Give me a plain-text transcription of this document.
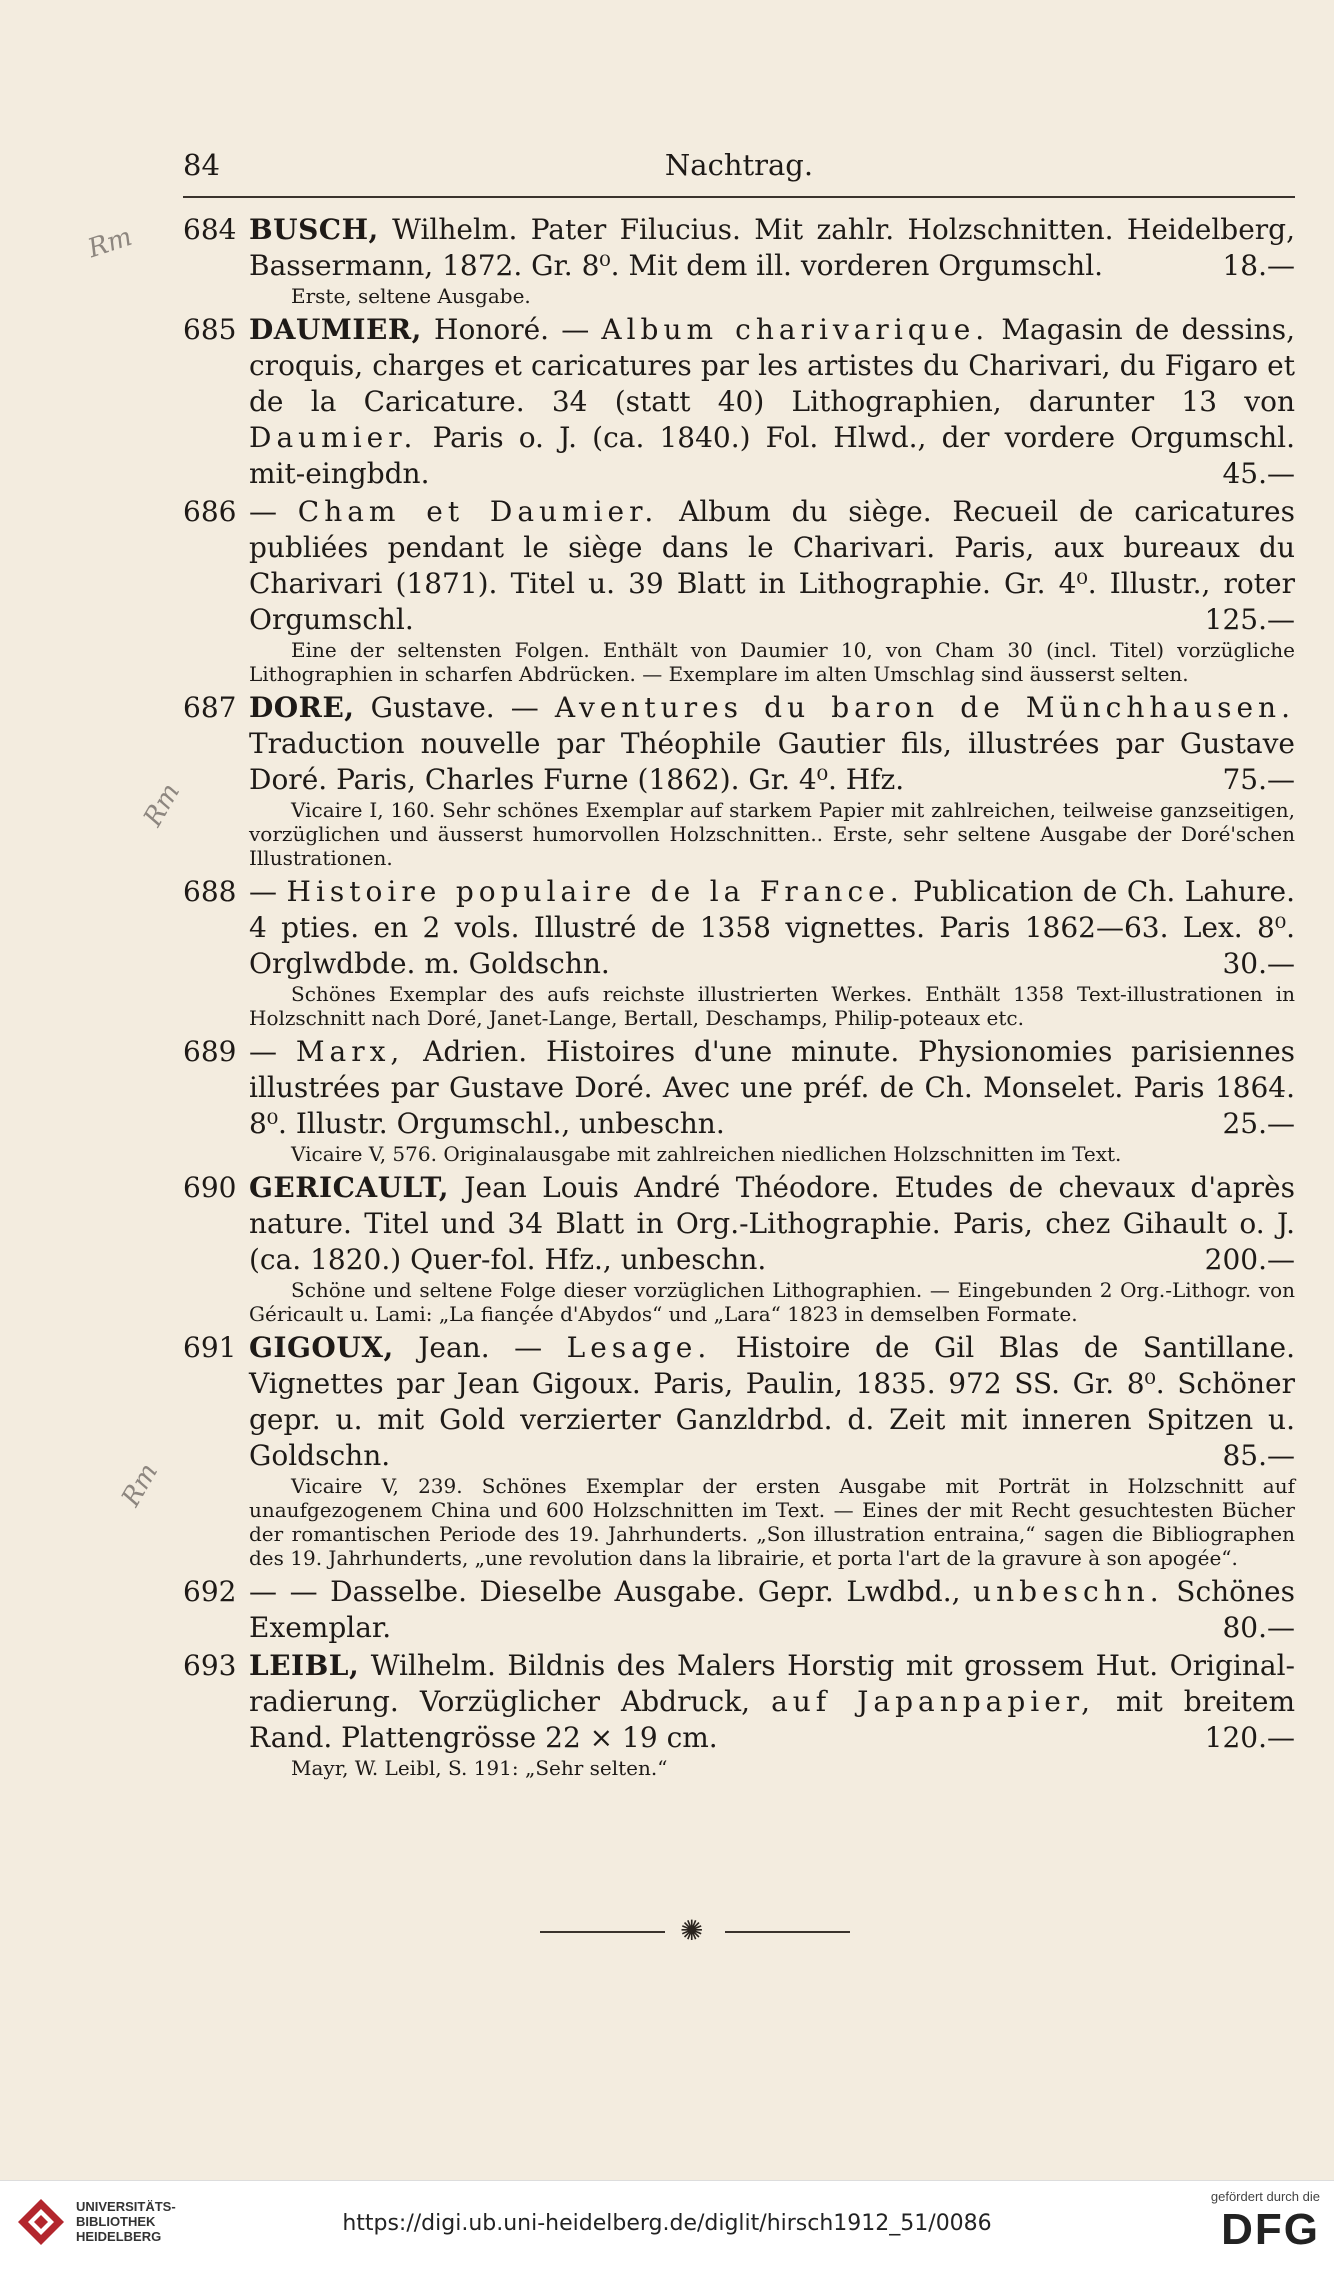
84	Nachtrag.
Rm
Rm
Rm
684 BUSCH, Wilhelm. Pater Filucius. Mit zahlr. Holzschnitten. Heidelberg, Bassermann, 1872. Gr. 8⁰. Mit dem ill. vorderen Orgumschl.	18.—
Erste, seltene Ausgabe.
685 DAUMIER, Honoré. — Album charivarique. Magasin de dessins, croquis, charges et caricatures par les artistes du Charivari, du Figaro et de la Caricature. 34 (statt 40) Lithographien, darunter 13 von Daumier. Paris o. J. (ca. 1840.) Fol. Hlwd., der vordere Orgumschl. mit-eingbdn.	45.—
686 — Cham et Daumier. Album du siège. Recueil de caricatures publiées pendant le siège dans le Charivari. Paris, aux bureaux du Charivari (1871). Titel u. 39 Blatt in Lithographie. Gr. 4⁰. Illustr., roter Orgumschl.	125.—
Eine der seltensten Folgen. Enthält von Daumier 10, von Cham 30 (incl. Titel) vorzügliche Lithographien in scharfen Abdrücken. — Exemplare im alten Umschlag sind äusserst selten.
687 DORE, Gustave. — Aventures du baron de Münchhausen. Traduction nouvelle par Théophile Gautier fils, illustrées par Gustave Doré. Paris, Charles Furne (1862). Gr. 4⁰. Hfz.	75.—
Vicaire I, 160. Sehr schönes Exemplar auf starkem Papier mit zahlreichen, teilweise ganzseitigen, vorzüglichen und äusserst humorvollen Holzschnitten.. Erste, sehr seltene Ausgabe der Doré'schen Illustrationen.
688 — Histoire populaire de la France. Publication de Ch. Lahure. 4 pties. en 2 vols. Illustré de 1358 vignettes. Paris 1862—63. Lex. 8⁰. Orglwdbde. m. Goldschn.	30.—
Schönes Exemplar des aufs reichste illustrierten Werkes. Enthält 1358 Text-illustrationen in Holzschnitt nach Doré, Janet-Lange, Bertall, Deschamps, Philip-poteaux etc.
689 — Marx, Adrien. Histoires d'une minute. Physionomies parisiennes illustrées par Gustave Doré. Avec une préf. de Ch. Monselet. Paris 1864. 8⁰. Illustr. Orgumschl., unbeschn.	25.—
Vicaire V, 576. Originalausgabe mit zahlreichen niedlichen Holzschnitten im Text.
690 GERICAULT, Jean Louis André Théodore. Etudes de chevaux d'après nature. Titel und 34 Blatt in Org.-Lithographie. Paris, chez Gihault o. J. (ca. 1820.) Quer-fol. Hfz., unbeschn.	200.—
Schöne und seltene Folge dieser vorzüglichen Lithographien. — Eingebunden 2 Org.-Lithogr. von Géricault u. Lami: „La fiançée d'Abydos“ und „Lara“ 1823 in demselben Formate.
691 GIGOUX, Jean. — Lesage. Histoire de Gil Blas de Santillane. Vignettes par Jean Gigoux. Paris, Paulin, 1835. 972 SS. Gr. 8⁰. Schöner gepr. u. mit Gold verzierter Ganzldrbd. d. Zeit mit inneren Spitzen u. Goldschn.	85.—
Vicaire V, 239. Schönes Exemplar der ersten Ausgabe mit Porträt in Holzschnitt auf unaufgezogenem China und 600 Holzschnitten im Text. — Eines der mit Recht gesuchtesten Bücher der romantischen Periode des 19. Jahrhunderts. „Son illustration entraina,“ sagen die Bibliographen des 19. Jahrhunderts, „une revolution dans la librairie, et porta l'art de la gravure à son apogée“.
692 — — Dasselbe. Dieselbe Ausgabe. Gepr. Lwdbd., unbeschn. Schönes Exemplar.	80.—
693 LEIBL, Wilhelm. Bildnis des Malers Horstig mit grossem Hut. Original-radierung. Vorzüglicher Abdruck, auf Japanpapier, mit breitem Rand. Plattengrösse 22 × 19 cm.	120.—
Mayr, W. Leibl, S. 191: „Sehr selten.“
✺
UNIVERSITÄTS-
BIBLIOTHEK
HEIDELBERG
https://digi.ub.uni-heidelberg.de/diglit/hirsch1912_51/0086
gefördert durch die
DFG
